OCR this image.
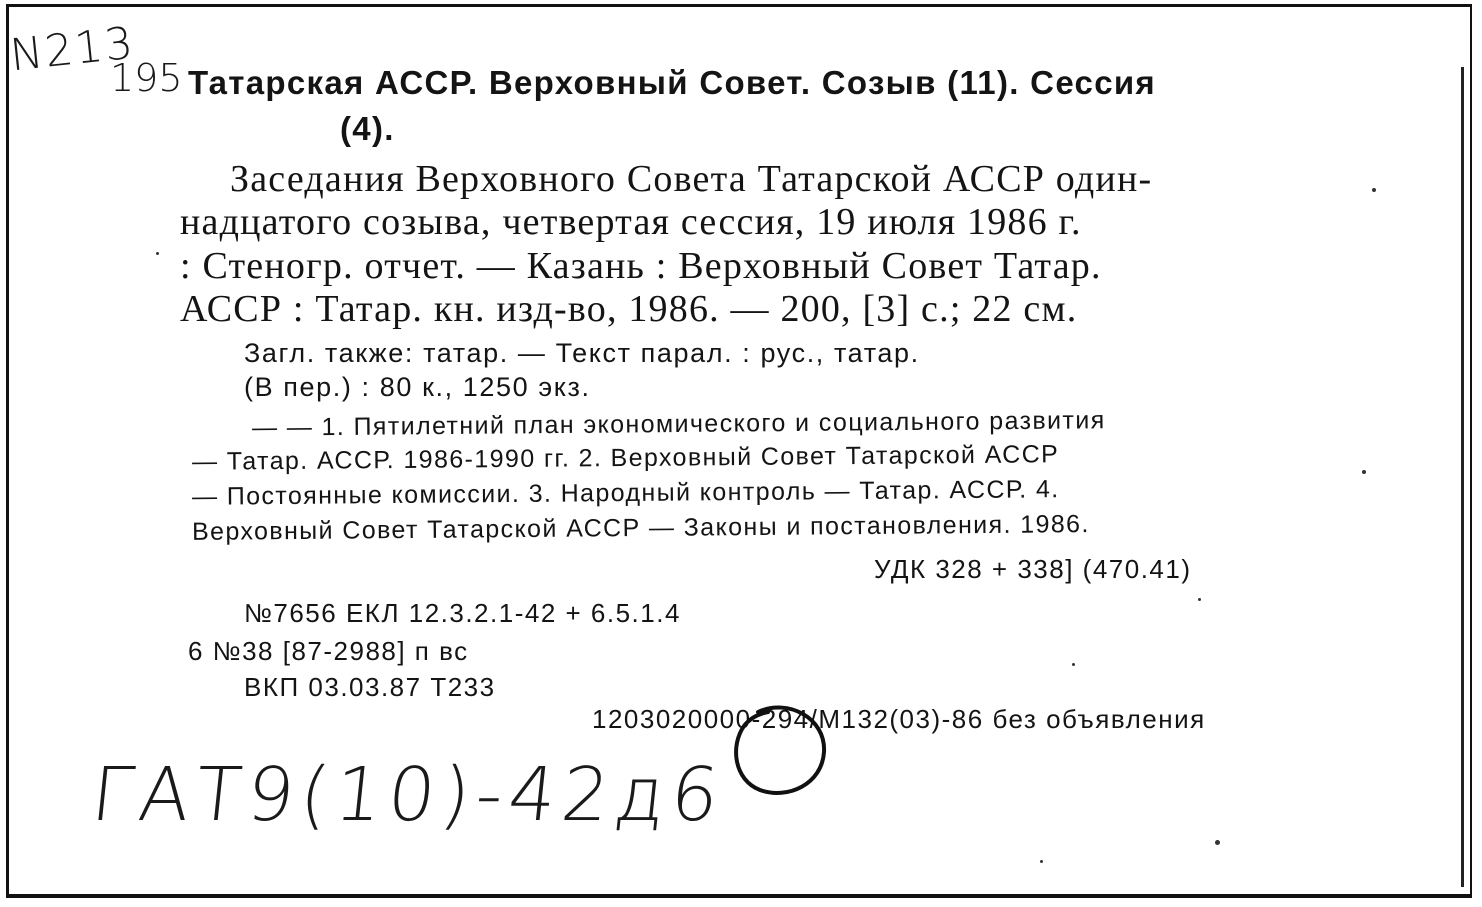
N213
195 Татарская АССР. Верховный Совет. Созыв (11). Сессия
(4).
Заседания Верховного Совета Татарской АССР один-
надцатого созыва, четвертая сессия, 19 июля 1986 г.
: Стеногр. отчет. — Казань : Верховный Совет Татар.
АССР : Татар. кн. изд-во, 1986. — 200, [3] с.; 22 см.
Загл. также: татар. — Текст парал. : рус., татар.
(В пер.) : 80 к., 1250 экз.
— — 1. Пятилетний план экономического и социального развития
— Татар. АССР. 1986-1990 гг. 2. Верховный Совет Татарской АССР
— Постоянные комиссии. 3. Народный контроль — Татар. АССР. 4.
Верховный Совет Татарской АССР — Законы и постановления. 1986.
УДК 328 + 338] (470.41)
№7656 ЕКЛ 12.3.2.1-42 + 6.5.1.4
6 №38 [87-2988] п вс
ВКП 03.03.87 Т233
1203020000-294/М132(03)-86 без объявления
ГАТ9(10)-42д6
